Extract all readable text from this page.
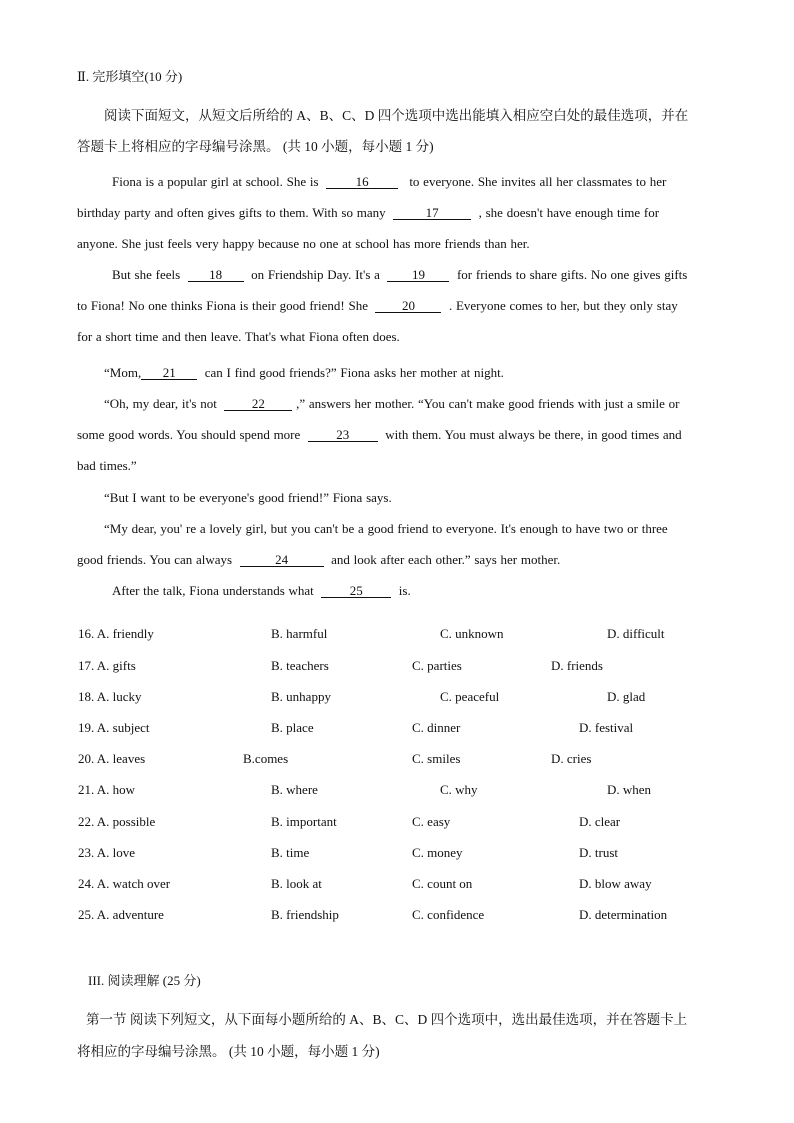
Ⅱ. 完形填空(10 分)
阅读下面短文，从短文后所给的 A、B、C、D 四个选项中选出能填入相应空白处的最佳选项，并在
答题卡上将相应的字母编号涂黑。 (共 10 小题，每小题 1 分)
Fiona is a popular girl at school. She is	16	to everyone. She invites all her classmates to her
birthday party and often gives gifts to them. With so many	17	, she doesn't have enough time for
anyone. She just feels very happy because no one at school has more friends than her.
But she feels 18 on Friendship Day. It's a 19 for friends to share gifts. No one gives gifts
to Fiona! No one thinks Fiona is their good friend! She	20	. Everyone comes to her, but they only stay
for a short time and then leave. That's what Fiona often does.
“Mom, 21 can I find good friends?” Fiona asks her mother at night.
“Oh, my dear, it's not	22 ,” answers her mother. “You can't make good friends with just a smile or
some good words. You should spend more	23	with them. You must always be there, in good times and
bad times.”
“But I want to be everyone's good friend!” Fiona says.
“My dear, you' re a lovely girl, but you can't be a good friend to everyone. It's enough to have two or three
good friends. You can always	24	and look after each other.” says her mother.
After the talk, Fiona understands what	25	is.
16. A. friendly	B. harmful	C. unknown	D. difficult
17. A. gifts	B. teachers	C. parties	D. friends
18. A. lucky	B. unhappy	C. peaceful	D. glad
19. A. subject	B. place	C. dinner	D. festival
20. A. leaves	B.comes	C. smiles	D. cries
21. A. how	B. where	C. why	D. when
22. A. possible	B. important	C. easy	D. clear
23. A. love	B. time	C. money	D. trust
24. A. watch over	B. look at	C. count on	D. blow away
25. A. adventure	B. friendship	C. confidence	D. determination
III. 阅读理解 (25 分)
第一节 阅读下列短文，从下面每小题所给的 A、B、C、D 四个选项中，选出最佳选项，并在答题卡上
将相应的字母编号涂黑。 (共 10 小题，每小题 1 分)
